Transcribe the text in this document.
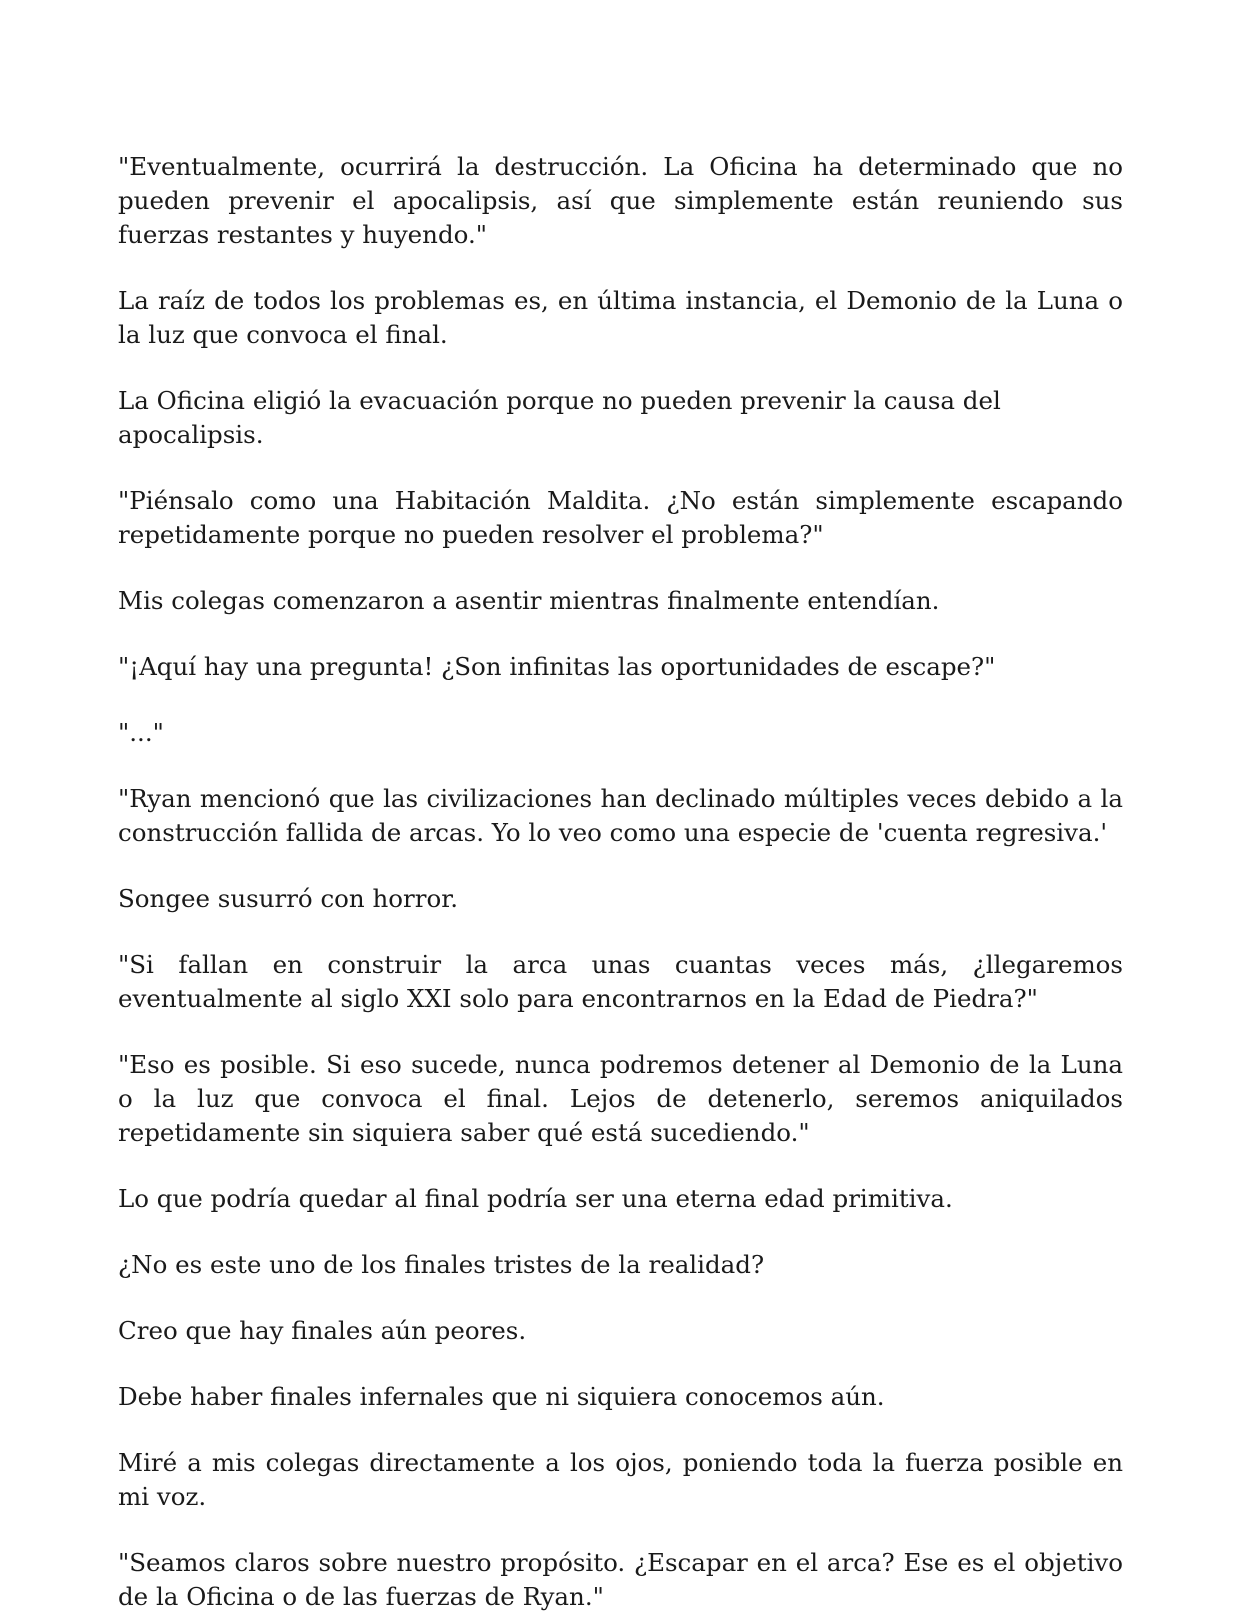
"Eventualmente, ocurrirá la destrucción. La Oficina ha determinado que no pueden prevenir el apocalipsis, así que simplemente están reuniendo sus fuerzas restantes y huyendo."

La raíz de todos los problemas es, en última instancia, el Demonio de la Luna o la luz que convoca el final.

La Oficina eligió la evacuación porque no pueden prevenir la causa del apocalipsis.

"Piénsalo como una Habitación Maldita. ¿No están simplemente escapando repetidamente porque no pueden resolver el problema?"

Mis colegas comenzaron a asentir mientras finalmente entendían.

"¡Aquí hay una pregunta! ¿Son infinitas las oportunidades de escape?"

"..."

"Ryan mencionó que las civilizaciones han declinado múltiples veces debido a la construcción fallida de arcas. Yo lo veo como una especie de 'cuenta regresiva.'

Songee susurró con horror.

"Si fallan en construir la arca unas cuantas veces más, ¿llegaremos eventualmente al siglo XXI solo para encontrarnos en la Edad de Piedra?"

"Eso es posible. Si eso sucede, nunca podremos detener al Demonio de la Luna o la luz que convoca el final. Lejos de detenerlo, seremos aniquilados repetidamente sin siquiera saber qué está sucediendo."

Lo que podría quedar al final podría ser una eterna edad primitiva.

¿No es este uno de los finales tristes de la realidad?

Creo que hay finales aún peores.

Debe haber finales infernales que ni siquiera conocemos aún.

Miré a mis colegas directamente a los ojos, poniendo toda la fuerza posible en mi voz.

"Seamos claros sobre nuestro propósito. ¿Escapar en el arca? Ese es el objetivo de la Oficina o de las fuerzas de Ryan."
